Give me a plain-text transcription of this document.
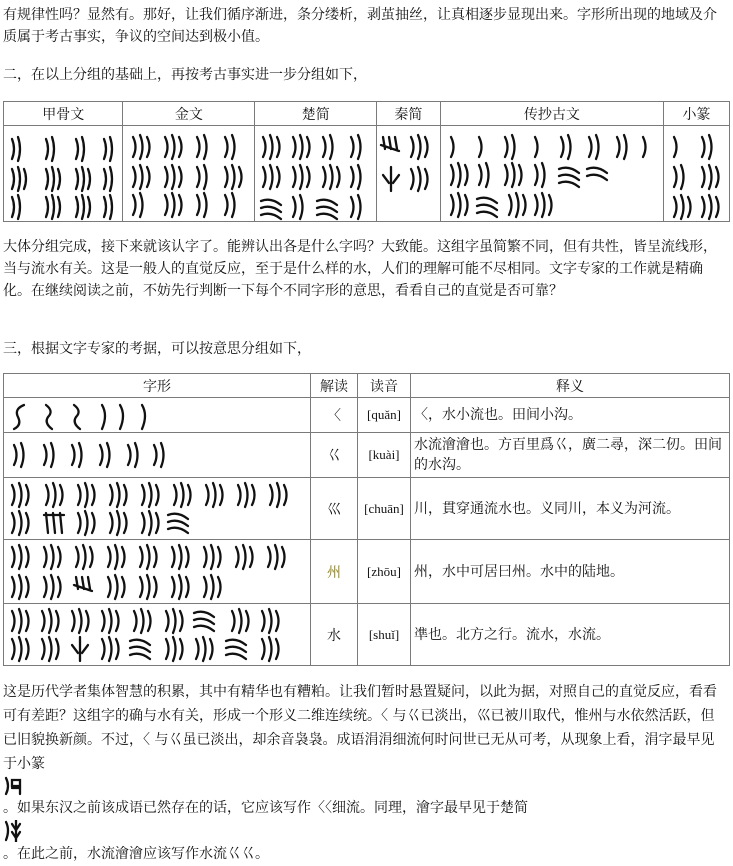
有规律性吗？显然有。那好，让我们循序渐进，条分缕析，剥茧抽丝，让真相逐步显现出来。字形所出现的地域及介质属于考古事实，争议的空间达到极小值。

二，在以上分组的基础上，再按考古事实进一步分组如下，

甲骨文	金文	楚简	秦简	传抄古文	小篆

大体分组完成，接下来就该认字了。能辨认出各是什么字吗？大致能。这组字虽简繁不同，但有共性，皆呈流线形，当与流水有关。这是一般人的直觉反应，至于是什么样的水，人们的理解可能不尽相同。文字专家的工作就是精确化。在继续阅读之前，不妨先行判断一下每个不同字形的意思，看看自己的直觉是否可靠？

三，根据文字专家的考据，可以按意思分组如下，

字形	解读	读音	释义

	〈	[quǎn]	〈，水小流也。田间小沟。

	巜	[kuài]	水流澮澮也。方百里爲巜，廣二尋，深二仞。田间的水沟。

	巛	[chuān]	川，貫穿通流水也。义同川，本义为河流。

	州	[zhōu]	州，水中可居曰州。水中的陆地。

	水	[shuǐ]	凖也。北方之行。流水，水流。

这是历代学者集体智慧的积累，其中有精华也有糟粕。让我们暂时悬置疑问，以此为据，对照自己的直觉反应，看看可有差距？这组字的确与水有关，形成一个形义二维连续统。〈 与巜已淡出，巛已被川取代，惟州与水依然活跃，但已旧貌换新颜。不过，〈 与巜虽已淡出，却余音袅袅。成语涓涓细流何时问世已无从可考，从现象上看，涓字最早见于小篆
。如果东汉之前该成语已然存在的话，它应该写作〈〈细流。同理，澮字最早见于楚简
。在此之前，水流澮澮应该写作水流巜巜。
